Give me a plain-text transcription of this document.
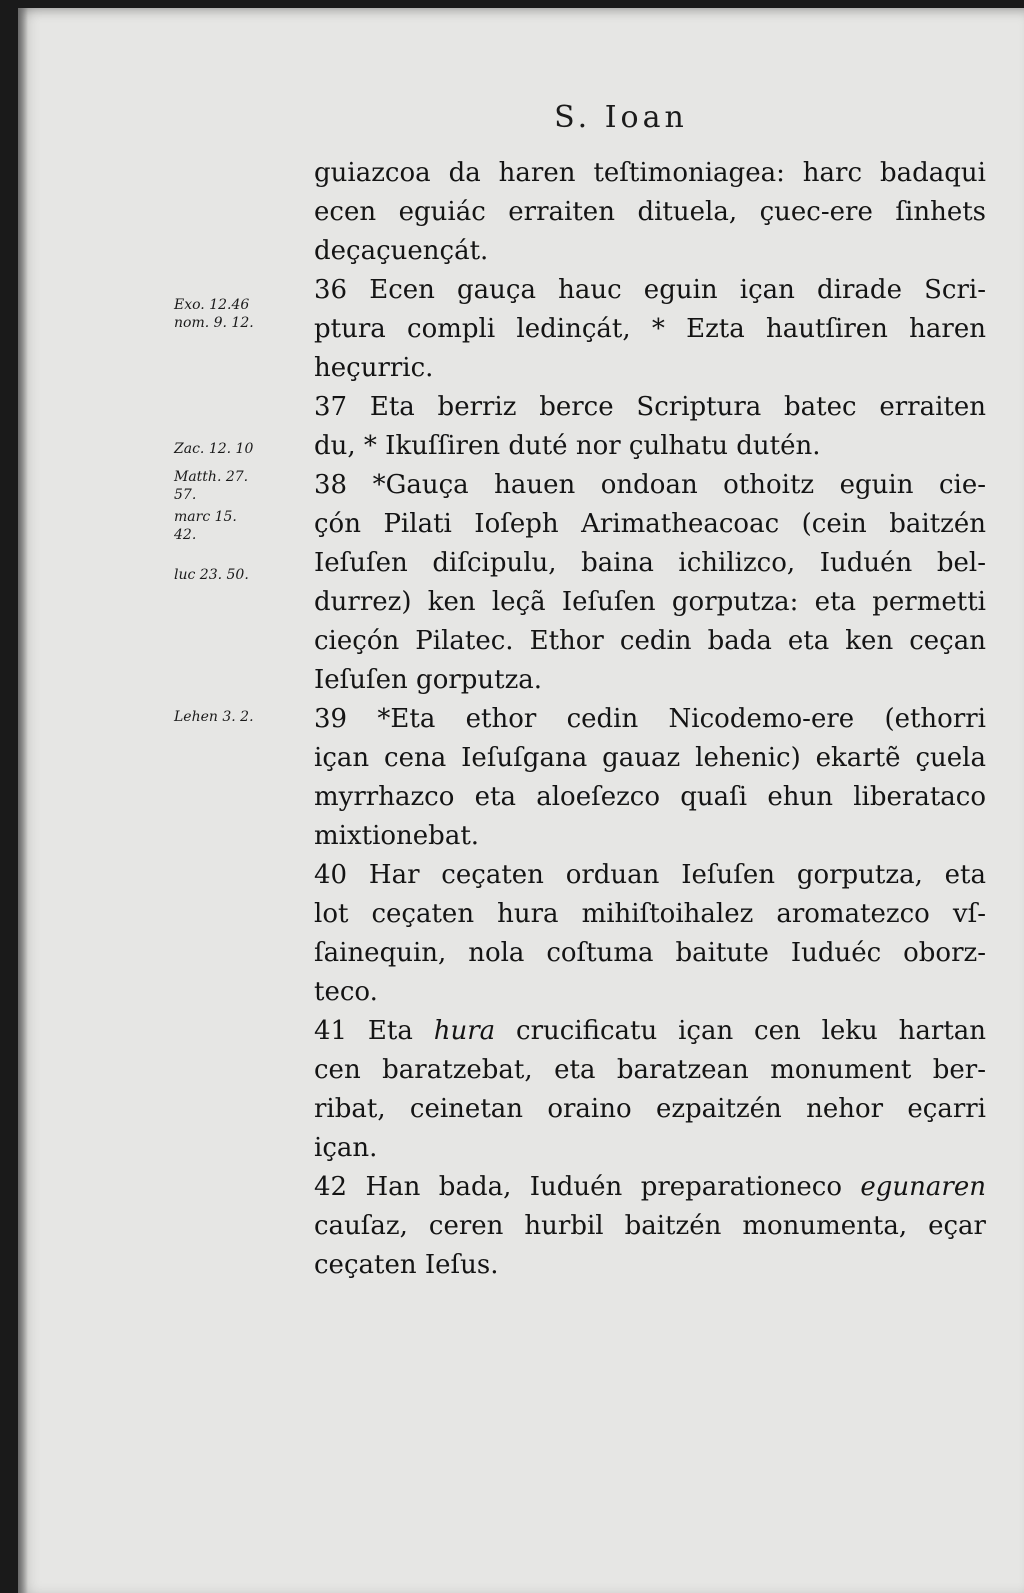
S. Ioan
Exo. 12.46
nom. 9. 12.
Zac. 12. 10
Matth. 27.
57.
marc 15.
42.
luc 23. 50.
Lehen 3. 2.
guiazcoa da haren teſtimoniagea: harc badaqui
ecen eguiác erraiten dituela, çuec-ere ſinhets
deçaçuençát.
36 Ecen gauça hauc eguin içan dirade Scri-
ptura compli ledinçát, * Ezta hautſiren haren
heçurric.
37 Eta berriz berce Scriptura batec erraiten
du, * Ikuſſiren duté nor çulhatu dutén.
38 *Gauça hauen ondoan othoitz eguin cie-
çón Pilati Ioſeph Arimatheacoac (cein baitzén
Ieſuſen diſcipulu, baina ichilizco, Iuduén bel-
durrez) ken leçã Ieſuſen gorputza: eta permetti
cieçón Pilatec. Ethor cedin bada eta ken ceçan
Ieſuſen gorputza.
39 *Eta ethor cedin Nicodemo-ere (ethorri
içan cena Ieſuſgana gauaz lehenic) ekartẽ çuela
myrrhazco eta aloeſezco quaſi ehun liberataco
mixtionebat.
40 Har ceçaten orduan Ieſuſen gorputza, eta
lot ceçaten hura mihiſtoihalez aromatezco vſ-
ſainequin, nola coſtuma baitute Iuduéc oborz-
teco.
41 Eta hura crucificatu içan cen leku hartan
cen baratzebat, eta baratzean monument ber-
ribat, ceinetan oraino ezpaitzén nehor eçarri
içan.
42 Han bada, Iuduén preparationeco egunaren
cauſaz, ceren hurbil baitzén monumenta, eçar
ceçaten Ieſus.
